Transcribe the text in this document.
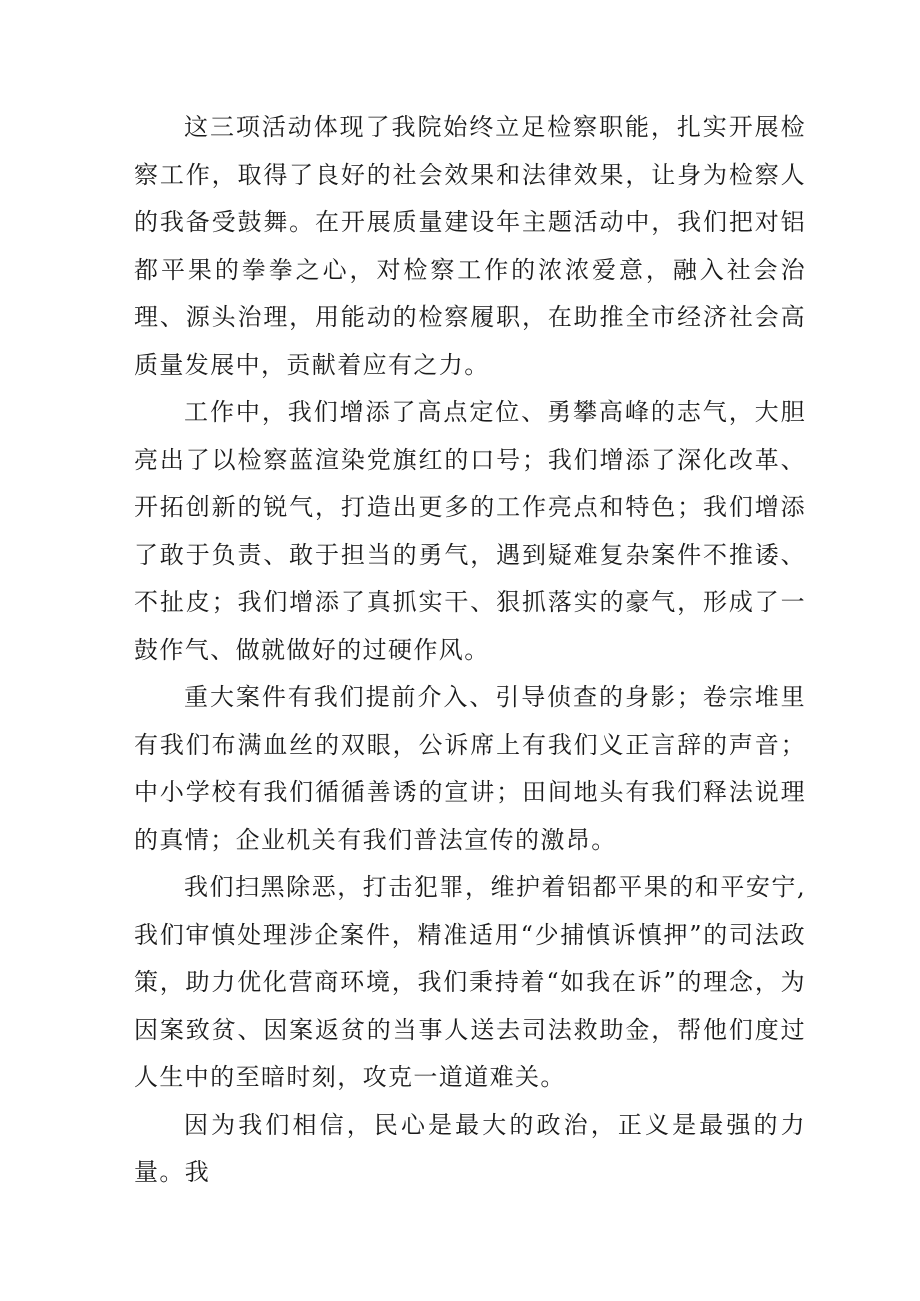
这三项活动体现了我院始终立足检察职能，扎实开展检察工作，取得了良好的社会效果和法律效果，让身为检察人的我备受鼓舞。在开展质量建设年主题活动中，我们把对铝都平果的拳拳之心，对检察工作的浓浓爱意，融入社会治理、源头治理，用能动的检察履职，在助推全市经济社会高质量发展中，贡献着应有之力。

工作中，我们增添了高点定位、勇攀高峰的志气，大胆亮出了以检察蓝渲染党旗红的口号；我们增添了深化改革、开拓创新的锐气，打造出更多的工作亮点和特色；我们增添了敢于负责、敢于担当的勇气，遇到疑难复杂案件不推诿、不扯皮；我们增添了真抓实干、狠抓落实的豪气，形成了一鼓作气、做就做好的过硬作风。

重大案件有我们提前介入、引导侦查的身影；卷宗堆里有我们布满血丝的双眼，公诉席上有我们义正言辞的声音；中小学校有我们循循善诱的宣讲；田间地头有我们释法说理的真情；企业机关有我们普法宣传的激昂。

我们扫黑除恶，打击犯罪，维护着铝都平果的和平安宁,我们审慎处理涉企案件，精准适用“少捕慎诉慎押”的司法政策，助力优化营商环境，我们秉持着“如我在诉”的理念，为因案致贫、因案返贫的当事人送去司法救助金，帮他们度过人生中的至暗时刻，攻克一道道难关。

因为我们相信，民心是最大的政治，正义是最强的力量。我
